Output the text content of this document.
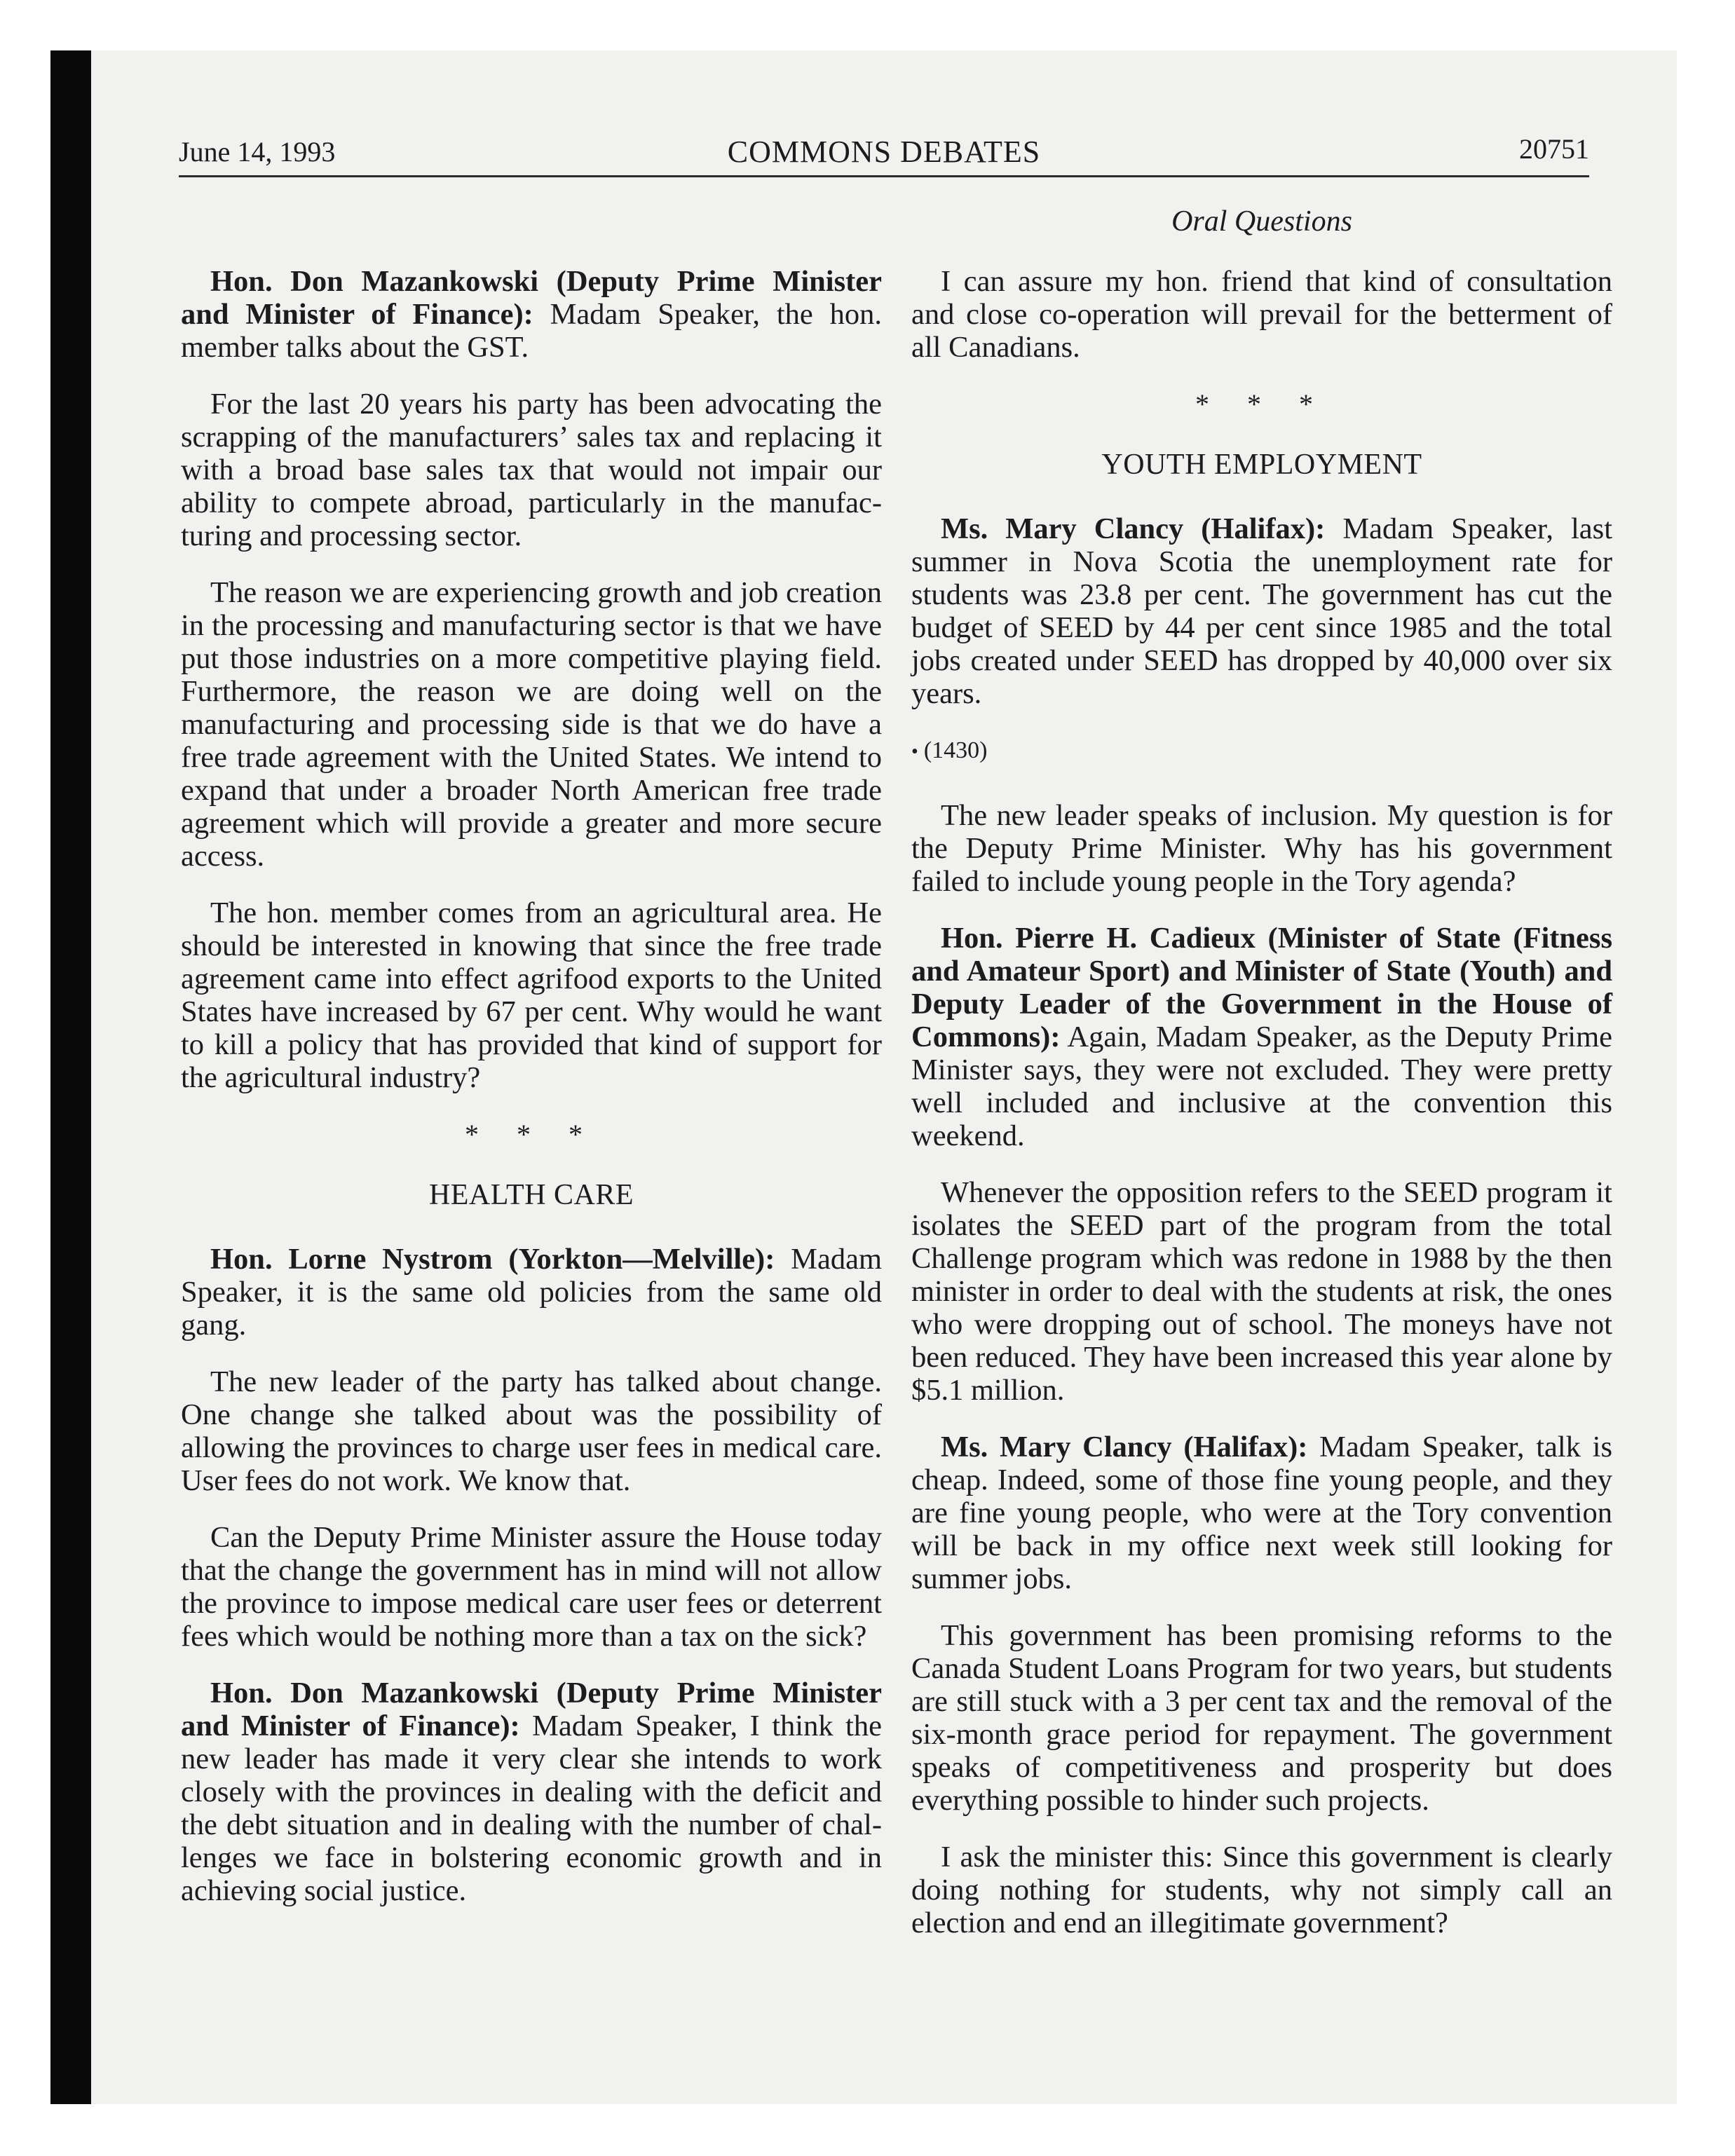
June 14, 1993	COMMONS DEBATES	20751
Oral Questions

Hon. Don Mazankowski (Deputy Prime Minister and Minister of Finance): Madam Speaker, the hon. member talks about the GST.

For the last 20 years his party has been advocating the scrapping of the manufacturers’ sales tax and replacing it with a broad base sales tax that would not impair our ability to compete abroad, particularly in the manufacturing and processing sector.

The reason we are experiencing growth and job creation in the processing and manufacturing sector is that we have put those industries on a more competitive playing field. Furthermore, the reason we are doing well on the manufacturing and processing side is that we do have a free trade agreement with the United States. We intend to expand that under a broader North American free trade agreement which will provide a greater and more secure access.

The hon. member comes from an agricultural area. He should be interested in knowing that since the free trade agreement came into effect agrifood exports to the United States have increased by 67 per cent. Why would he want to kill a policy that has provided that kind of support for the agricultural industry?

* * *
HEALTH CARE

Hon. Lorne Nystrom (Yorkton—Melville): Madam Speaker, it is the same old policies from the same old gang.

The new leader of the party has talked about change. One change she talked about was the possibility of allowing the provinces to charge user fees in medical care. User fees do not work. We know that.

Can the Deputy Prime Minister assure the House today that the change the government has in mind will not allow the province to impose medical care user fees or deterrent fees which would be nothing more than a tax on the sick?

Hon. Don Mazankowski (Deputy Prime Minister and Minister of Finance): Madam Speaker, I think the new leader has made it very clear she intends to work closely with the provinces in dealing with the deficit and the debt situation and in dealing with the number of challenges we face in bolstering economic growth and in achieving social justice.

I can assure my hon. friend that kind of consultation and close co-operation will prevail for the betterment of all Canadians.

* * *
YOUTH EMPLOYMENT

Ms. Mary Clancy (Halifax): Madam Speaker, last summer in Nova Scotia the unemployment rate for students was 23.8 per cent. The government has cut the budget of SEED by 44 per cent since 1985 and the total jobs created under SEED has dropped by 40,000 over six years.

• (1430)

The new leader speaks of inclusion. My question is for the Deputy Prime Minister. Why has his government failed to include young people in the Tory agenda?

Hon. Pierre H. Cadieux (Minister of State (Fitness and Amateur Sport) and Minister of State (Youth) and Deputy Leader of the Government in the House of Commons): Again, Madam Speaker, as the Deputy Prime Minister says, they were not excluded. They were pretty well included and inclusive at the convention this weekend.

Whenever the opposition refers to the SEED program it isolates the SEED part of the program from the total Challenge program which was redone in 1988 by the then minister in order to deal with the students at risk, the ones who were dropping out of school. The moneys have not been reduced. They have been increased this year alone by $5.1 million.

Ms. Mary Clancy (Halifax): Madam Speaker, talk is cheap. Indeed, some of those fine young people, and they are fine young people, who were at the Tory convention will be back in my office next week still looking for summer jobs.

This government has been promising reforms to the Canada Student Loans Program for two years, but students are still stuck with a 3 per cent tax and the removal of the six-month grace period for repayment. The government speaks of competitiveness and prosperity but does everything possible to hinder such projects.

I ask the minister this: Since this government is clearly doing nothing for students, why not simply call an election and end an illegitimate government?
